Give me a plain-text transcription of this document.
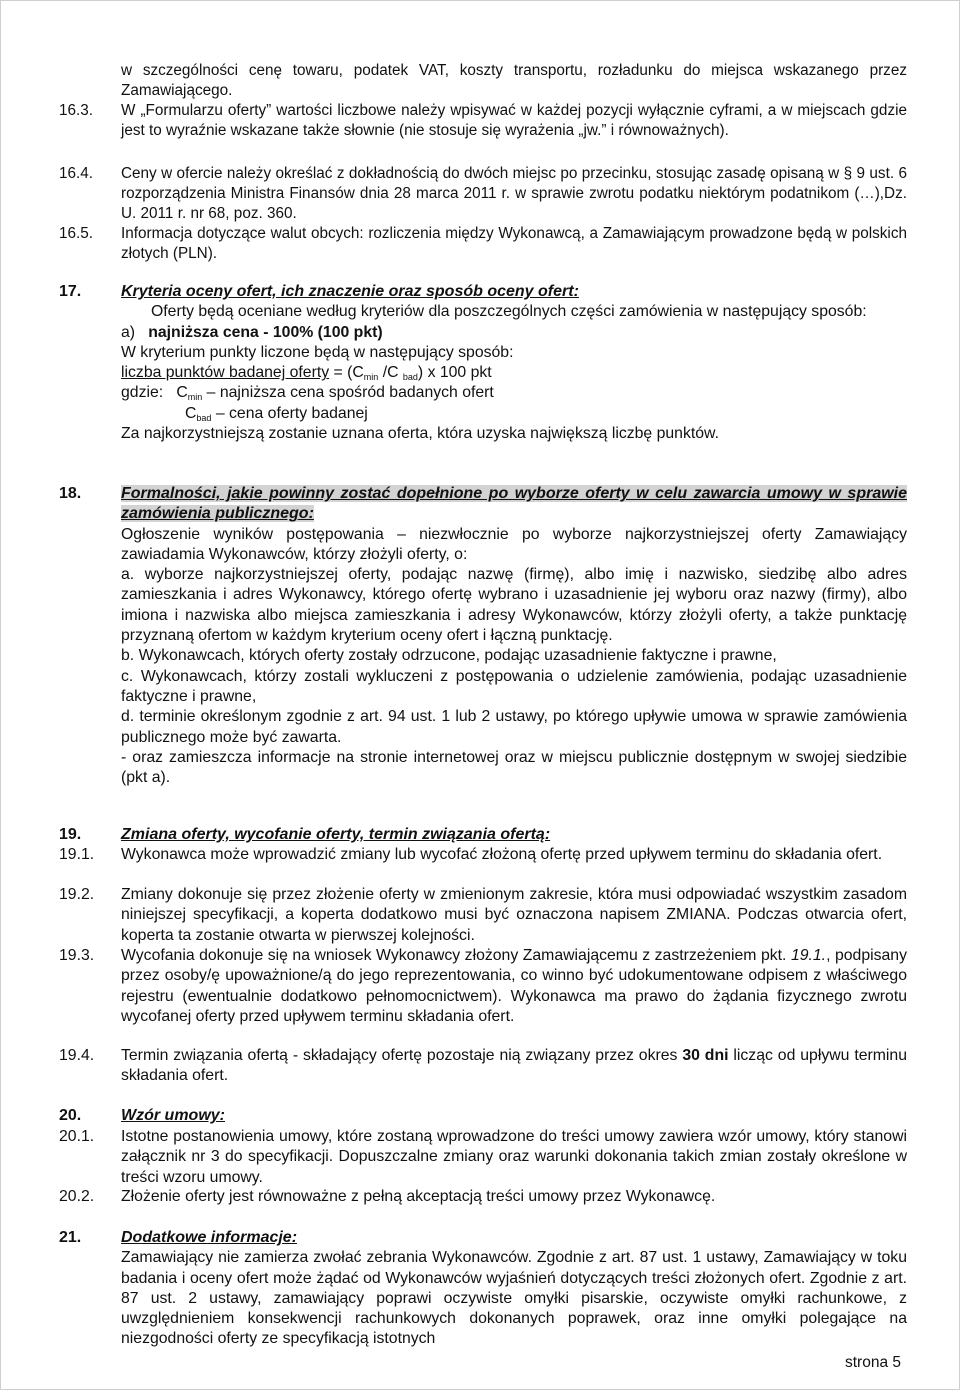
w szczególności cenę towaru, podatek VAT, koszty transportu, rozładunku do miejsca wskazanego przez Zamawiającego.
16.3.	W „Formularzu oferty” wartości liczbowe należy wpisywać w każdej pozycji wyłącznie cyframi, a w miejscach gdzie jest to wyraźnie wskazane także słownie (nie stosuje się wyrażenia „jw.” i równoważnych).
16.4.	Ceny w ofercie należy określać z dokładnością do dwóch miejsc po przecinku, stosując zasadę opisaną w § 9 ust. 6 rozporządzenia Ministra Finansów dnia 28 marca 2011 r. w sprawie zwrotu podatku niektórym podatnikom (…),Dz. U. 2011 r. nr 68, poz. 360.
16.5.	Informacja dotyczące walut obcych: rozliczenia między Wykonawcą, a Zamawiającym prowadzone będą w polskich złotych (PLN).
17.	Kryteria oceny ofert, ich znaczenie oraz sposób oceny ofert:

Oferty będą oceniane według kryteriów dla poszczególnych części zamówienia w następujący sposób:

a) najniższa cena - 100% (100 pkt)

W kryterium punkty liczone będą w następujący sposób:

liczba punktów badanej oferty = ($C_{min}$ /C $_{bad}$) x 100 pkt

gdzie: $C_{min}$ – najniższa cena spośród badanych ofert

$C_{bad}$ – cena oferty badanej

Za najkorzystniejszą zostanie uznana oferta, która uzyska największą liczbę punktów.

18.	Formalności, jakie powinny zostać dopełnione po wyborze oferty w celu zawarcia umowy w sprawie zamówienia publicznego:

Ogłoszenie wyników postępowania – niezwłocznie po wyborze najkorzystniejszej oferty Zamawiający zawiadamia Wykonawców, którzy złożyli oferty, o:

a. wyborze najkorzystniejszej oferty, podając nazwę (firmę), albo imię i nazwisko, siedzibę albo adres zamieszkania i adres Wykonawcy, którego ofertę wybrano i uzasadnienie jej wyboru oraz nazwy (firmy), albo imiona i nazwiska albo miejsca zamieszkania i adresy Wykonawców, którzy złożyli oferty, a także punktację przyznaną ofertom w każdym kryterium oceny ofert i łączną punktację.

b. Wykonawcach, których oferty zostały odrzucone, podając uzasadnienie faktyczne i prawne,

c. Wykonawcach, którzy zostali wykluczeni z postępowania o udzielenie zamówienia, podając uzasadnienie faktyczne i prawne,

d. terminie określonym zgodnie z art. 94 ust. 1 lub 2 ustawy, po którego upływie umowa w sprawie zamówienia publicznego może być zawarta.

- oraz zamieszcza informacje na stronie internetowej oraz w miejscu publicznie dostępnym w swojej siedzibie (pkt a).

19.	Zmiana oferty, wycofanie oferty, termin związania ofertą:
19.1.	Wykonawca może wprowadzić zmiany lub wycofać złożoną ofertę przed upływem terminu do składania ofert.
19.2.	Zmiany dokonuje się przez złożenie oferty w zmienionym zakresie, która musi odpowiadać wszystkim zasadom niniejszej specyfikacji, a koperta dodatkowo musi być oznaczona napisem ZMIANA. Podczas otwarcia ofert, koperta ta zostanie otwarta w pierwszej kolejności.
19.3.	Wycofania dokonuje się na wniosek Wykonawcy złożony Zamawiającemu z zastrzeżeniem pkt. 19.1., podpisany przez osoby/ę upoważnione/ą do jego reprezentowania, co winno być udokumentowane odpisem z właściwego rejestru (ewentualnie dodatkowo pełnomocnictwem). Wykonawca ma prawo do żądania fizycznego zwrotu wycofanej oferty przed upływem terminu składania ofert.
19.4.	Termin związania ofertą - składający ofertę pozostaje nią związany przez okres 30 dni licząc od upływu terminu składania ofert.
20.	Wzór umowy:
20.1.	Istotne postanowienia umowy, które zostaną wprowadzone do treści umowy zawiera wzór umowy, który stanowi załącznik nr 3 do specyfikacji. Dopuszczalne zmiany oraz warunki dokonania takich zmian zostały określone w treści wzoru umowy.
20.2.	Złożenie oferty jest równoważne z pełną akceptacją treści umowy przez Wykonawcę.
21.	Dodatkowe informacje:

Zamawiający nie zamierza zwołać zebrania Wykonawców. Zgodnie z art. 87 ust. 1 ustawy, Zamawiający w toku badania i oceny ofert może żądać od Wykonawców wyjaśnień dotyczących treści złożonych ofert. Zgodnie z art. 87 ust. 2 ustawy, zamawiający poprawi oczywiste omyłki pisarskie, oczywiste omyłki rachunkowe, z uwzględnieniem konsekwencji rachunkowych dokonanych poprawek, oraz inne omyłki polegające na niezgodności oferty ze specyfikacją istotnych

strona 5
